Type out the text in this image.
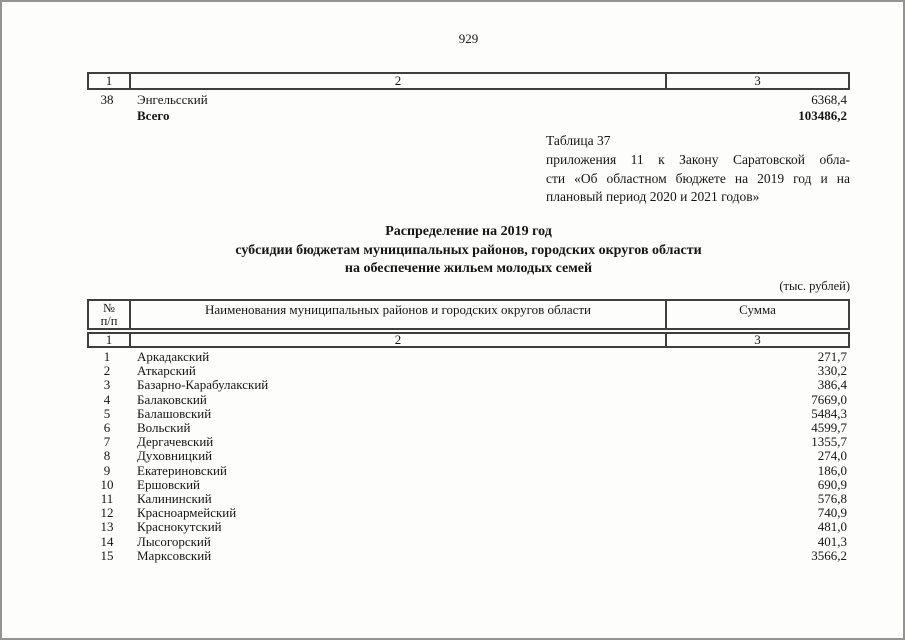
929
1	2	3
38	Энгельсский	6368,4
Всего	103486,2
Таблица 37
приложения 11 к Закону Саратовской обла-
сти «Об областном бюджете на 2019 год и на
плановый период 2020 и 2021 годов»
Распределение на 2019 год
субсидии бюджетам муниципальных районов, городских округов области
на обеспечение жильем молодых семей
(тыс. рублей)
№
п/п
Наименования муниципальных районов и городских округов области	Сумма
1	2	3
1	Аркадакский	271,7
2	Аткарский	330,2
3	Базарно-Карабулакский	386,4
4	Балаковский	7669,0
5	Балашовский	5484,3
6	Вольский	4599,7
7	Дергачевский	1355,7
8	Духовницкий	274,0
9	Екатериновский	186,0
10	Ершовский	690,9
11	Калининский	576,8
12	Красноармейский	740,9
13	Краснокутский	481,0
14	Лысогорский	401,3
15	Марксовский	3566,2
